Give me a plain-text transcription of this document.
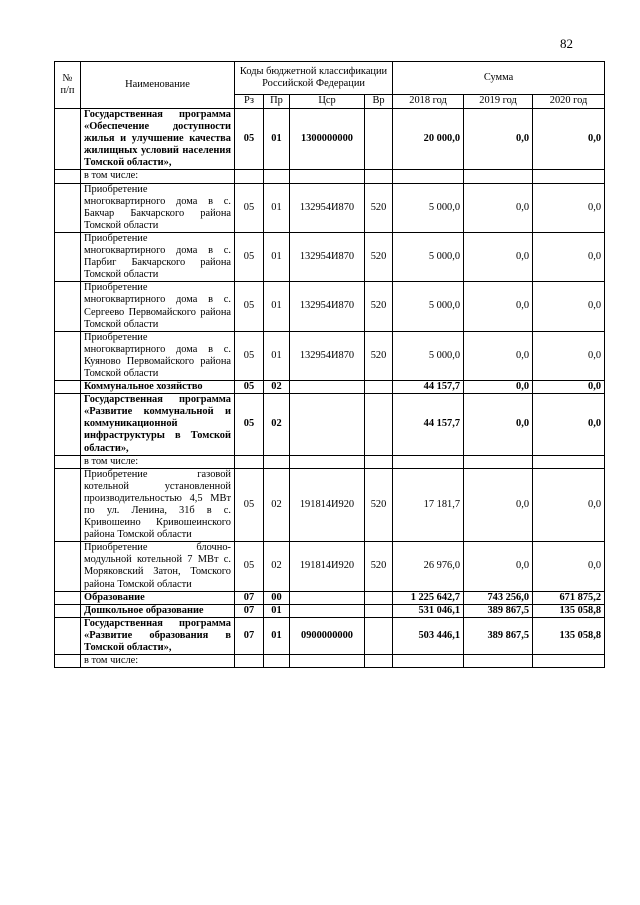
82
№ п/п	Наименование	Коды бюджетной классификации Российской Федерации				Сумма		
		Рз	Пр	Цср	Вр	2018 год	2019 год	2020 год
	Государственная программа «Обеспечение доступности жилья и улучшение качества жилищных условий населения Томской области»,	05	01	1300000000		20 000,0	0,0	0,0
	в том числе:							
	Приобретение многоквартирного дома в с. Бакчар Бакчарского района Томской области	05	01	132954И870	520	5 000,0	0,0	0,0
	Приобретение многоквартирного дома в с. Парбиг Бакчарского района Томской области	05	01	132954И870	520	5 000,0	0,0	0,0
	Приобретение многоквартирного дома в с. Сергеево Первомайского района Томской области	05	01	132954И870	520	5 000,0	0,0	0,0
	Приобретение многоквартирного дома в с. Куяново Первомайского района Томской области	05	01	132954И870	520	5 000,0	0,0	0,0
	Коммунальное хозяйство	05	02			44 157,7	0,0	0,0
	Государственная программа «Развитие коммунальной и коммуникационной инфраструктуры в Томской области»,	05	02			44 157,7	0,0	0,0
	в том числе:							
	Приобретение газовой котельной установленной производительностью 4,5 МВт по ул. Ленина, 31б в с. Кривошеино Кривошеинского района Томской области	05	02	191814И920	520	17 181,7	0,0	0,0
	Приобретение блочно-модульной котельной 7 МВт с. Моряковский Затон, Томского района Томской области	05	02	191814И920	520	26 976,0	0,0	0,0
	Образование	07	00			1 225 642,7	743 256,0	671 875,2
	Дошкольное образование	07	01			531 046,1	389 867,5	135 058,8
	Государственная программа «Развитие образования в Томской области»,	07	01	0900000000		503 446,1	389 867,5	135 058,8
	в том числе:							
